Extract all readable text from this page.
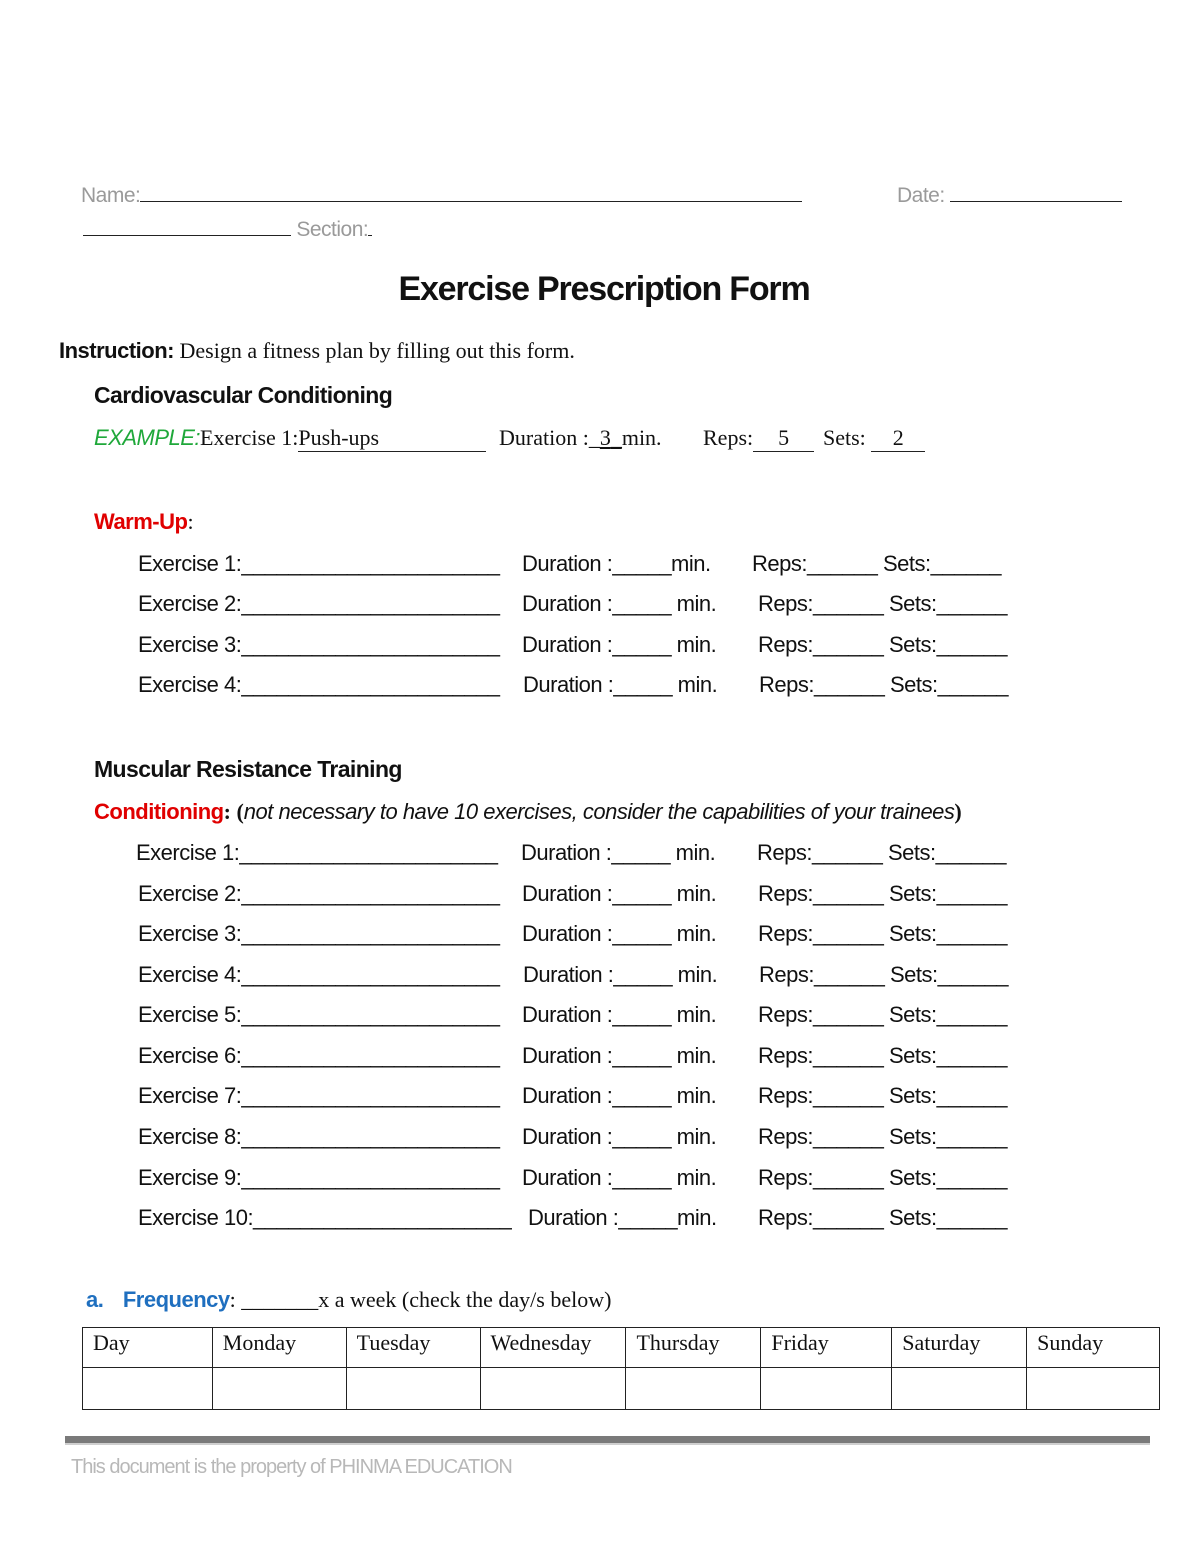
Name:	Date:
Section:
Exercise Prescription Form
Instruction: Design a fitness plan by filling out this form.
Cardiovascular Conditioning
EXAMPLE:Exercise 1:Push-ups	Duration :_3_min. Reps: 5	Sets: 2
Warm-Up:
Exercise 1:______________________ Duration :_____min. Reps:______ Sets:______
Exercise 2:______________________ Duration :_____ min. Reps:______ Sets:______
Exercise 3:______________________ Duration :_____ min. Reps:______ Sets:______
Exercise 4:______________________ Duration :_____ min. Reps:______ Sets:______
Muscular Resistance Training
Conditioning: (not necessary to have 10 exercises, consider the capabilities of your trainees)
Exercise 1:______________________ Duration :_____ min. Reps:______ Sets:______
Exercise 2:______________________ Duration :_____ min. Reps:______ Sets:______
Exercise 3:______________________ Duration :_____ min. Reps:______ Sets:______
Exercise 4:______________________ Duration :_____ min. Reps:______ Sets:______
Exercise 5:______________________ Duration :_____ min. Reps:______ Sets:______
Exercise 6:______________________ Duration :_____ min. Reps:______ Sets:______
Exercise 7:______________________ Duration :_____ min. Reps:______ Sets:______
Exercise 8:______________________ Duration :_____ min. Reps:______ Sets:______
Exercise 9:______________________ Duration :_____ min. Reps:______ Sets:______
Exercise 10:______________________ Duration :_____min. Reps:______ Sets:______
a. Frequency: _______x a week (check the day/s below)
Day	Monday	Tuesday	Wednesday	Thursday	Friday	Saturday	Sunday

This document is the property of PHINMA EDUCATION
